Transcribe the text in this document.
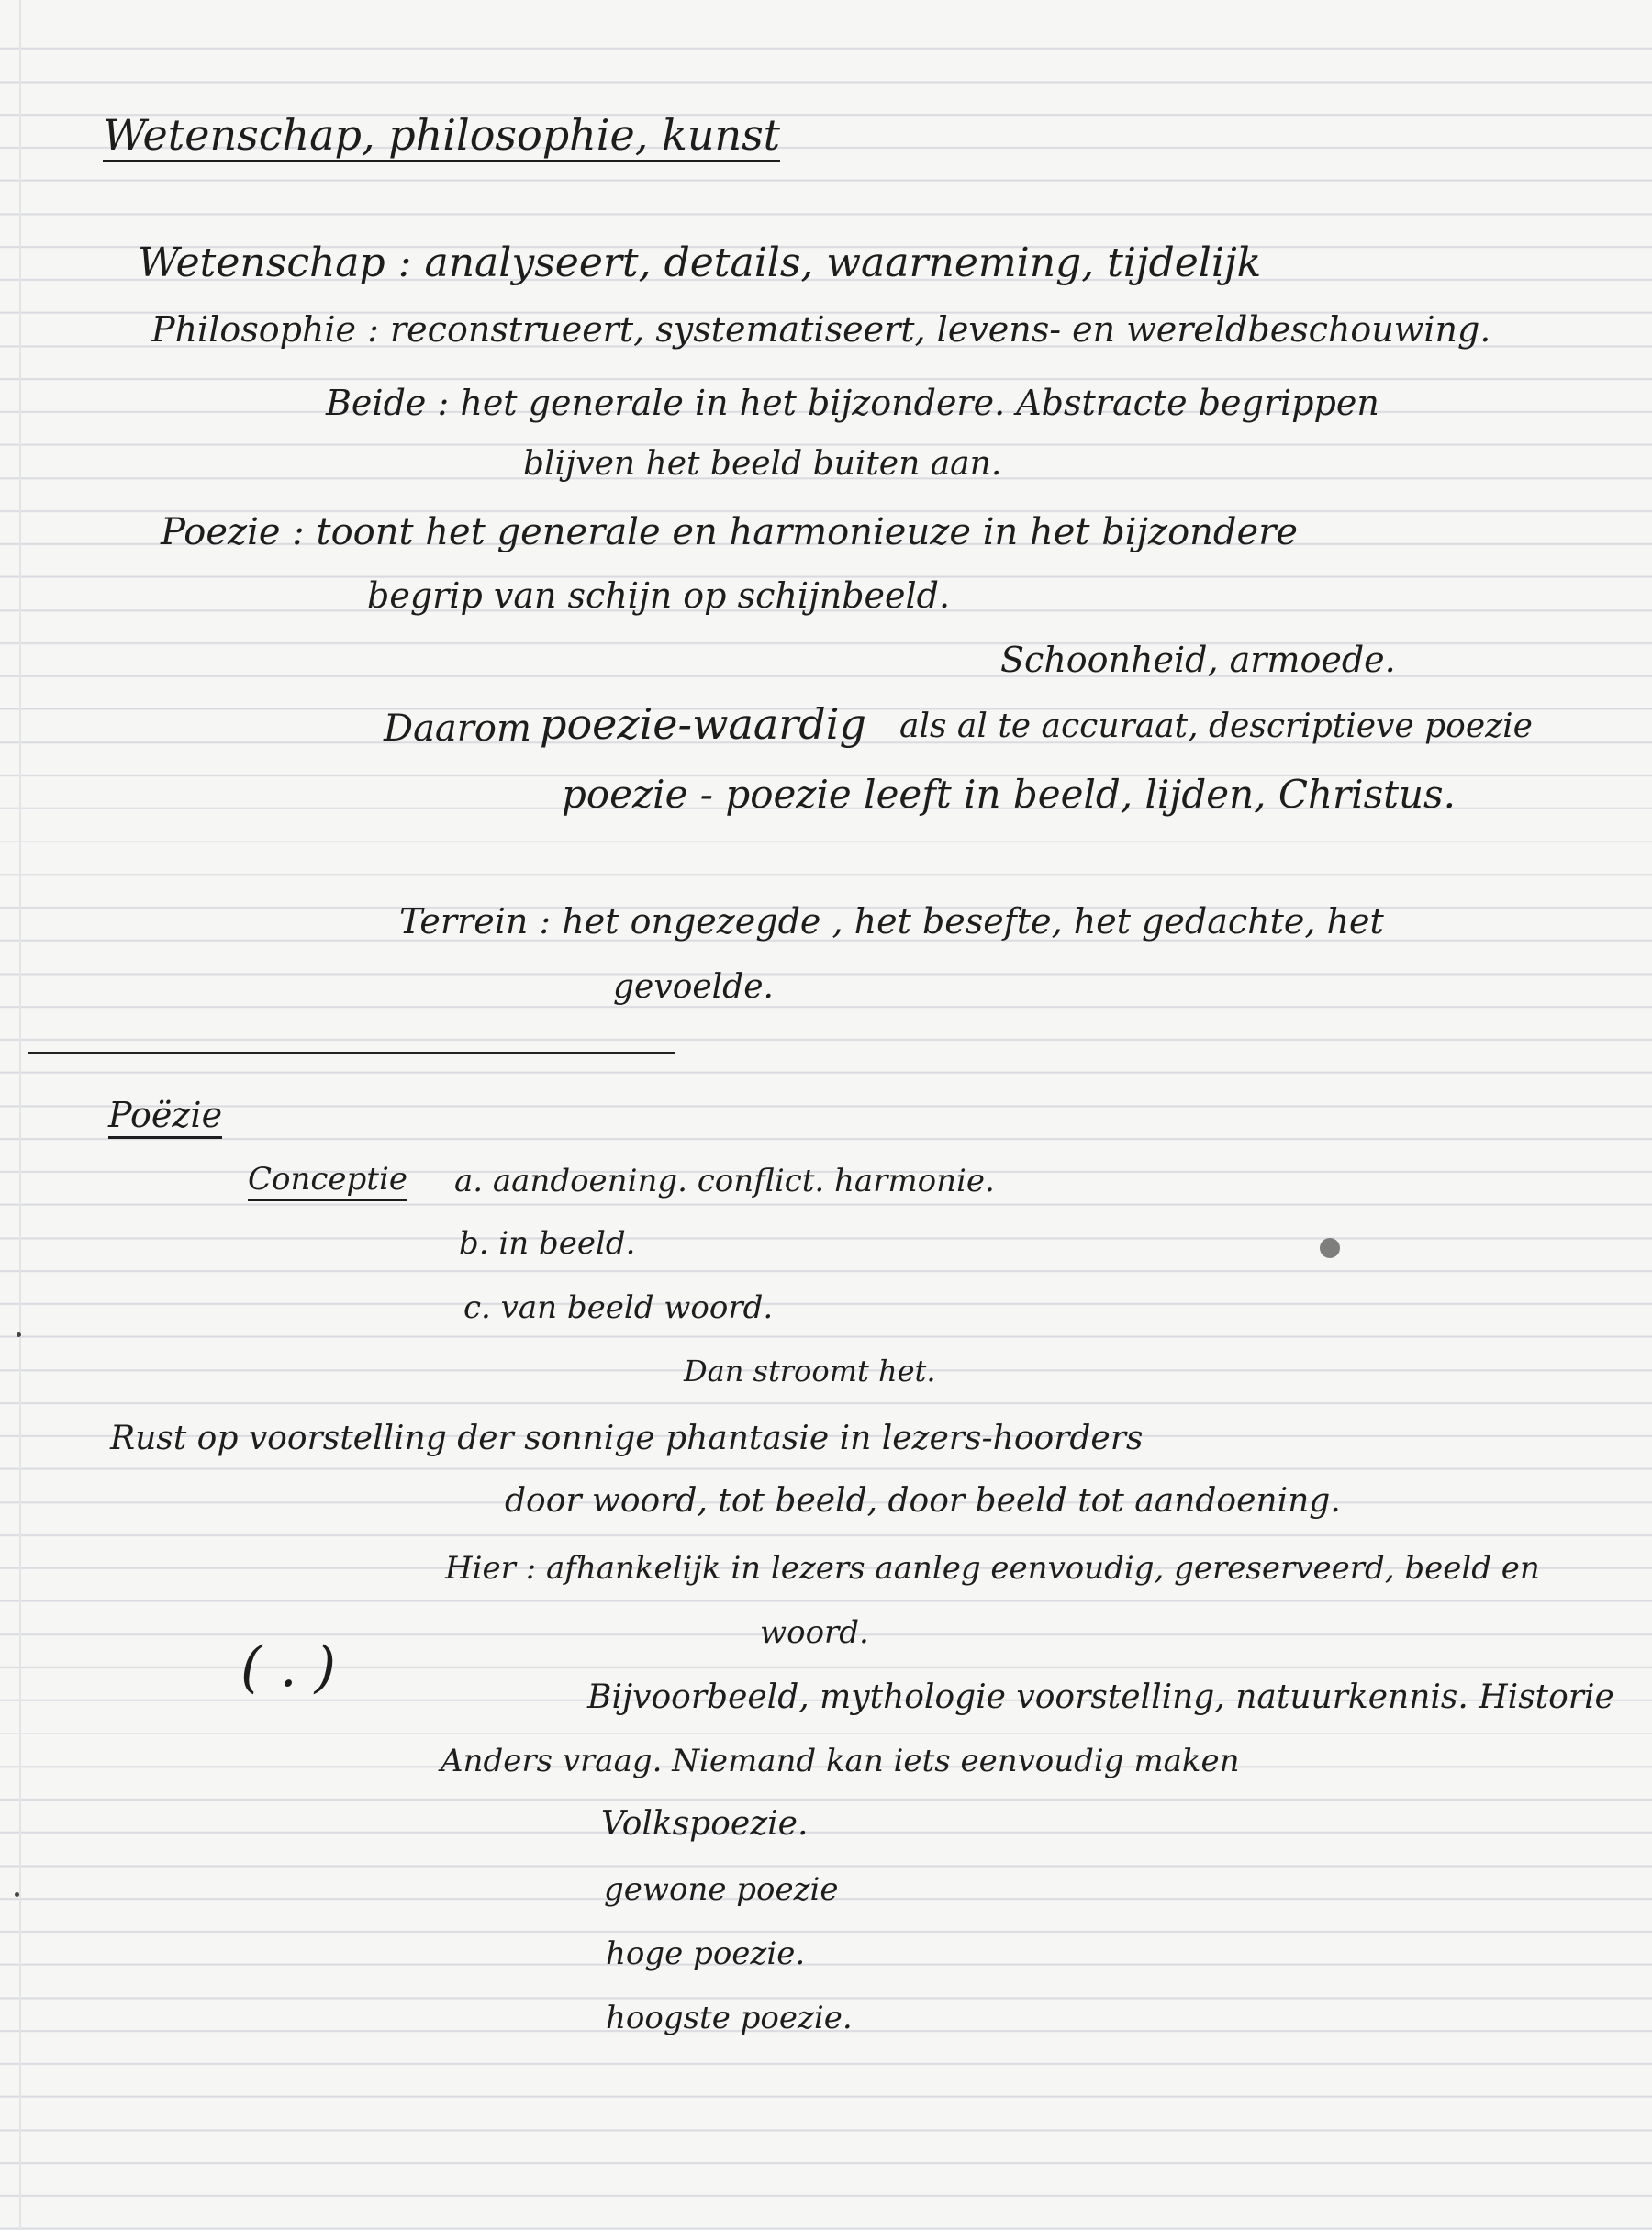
Wetenschap, philosophie, kunst
Wetenschap : analyseert, details, waarneming, tijdelijk
Philosophie : reconstrueert, systematiseert, levens- en wereldbeschouwing.
Beide : het generale in het bijzondere. Abstracte begrippen
blijven het beeld buiten aan.
Poezie : toont het generale en harmonieuze in het bijzondere
begrip van schijn op schijnbeeld.
Schoonheid, armoede.
Daarom poezie-waardig als al te accuraat, descriptieve poezie
poezie - poezie leeft in beeld, lijden, Christus.
Terrein : het ongezegde , het besefte, het gedachte, het
gevoelde.
Poëzie
Conceptie a. aandoening. conflict. harmonie.
b. in beeld.
c. van beeld woord.
Dan stroomt het.
Rust op voorstelling der sonnige phantasie in lezers-hoorders
door woord, tot beeld, door beeld tot aandoening.
Hier : afhankelijk in lezers aanleg eenvoudig, gereserveerd, beeld en
woord.
( . )	Bijvoorbeeld, mythologie voorstelling, natuurkennis. Historie
Anders vraag. Niemand kan iets eenvoudig maken
Volkspoezie.
gewone poezie
hoge poezie.
hoogste poezie.
